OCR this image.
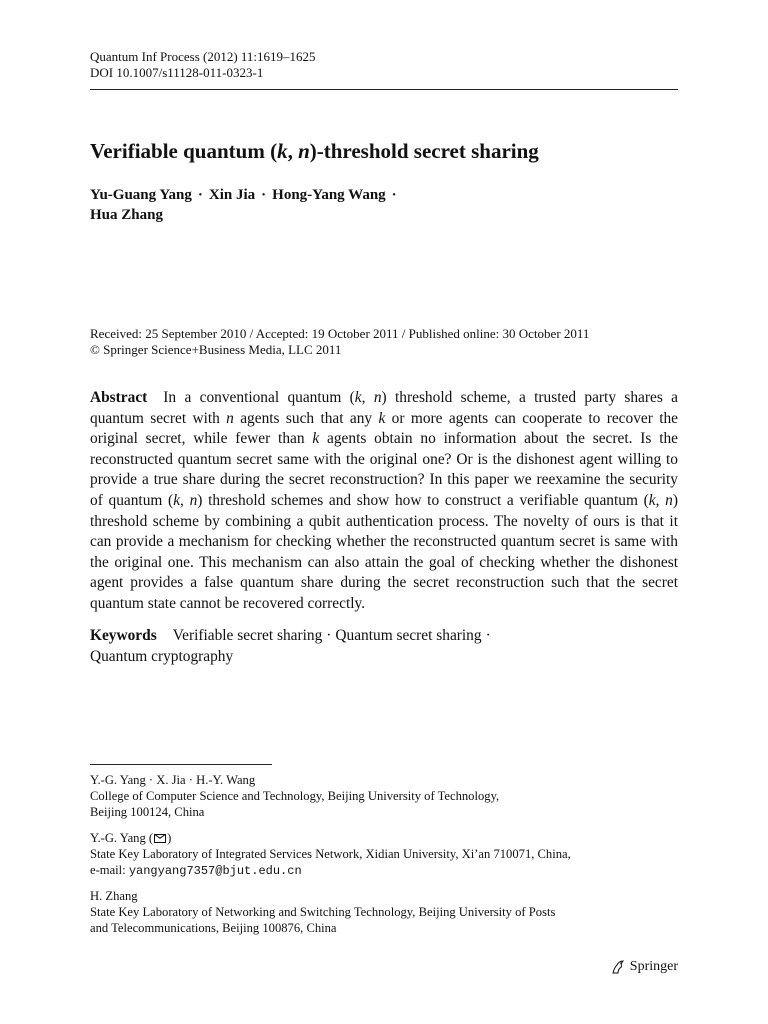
Quantum Inf Process (2012) 11:1619–1625
DOI 10.1007/s11128-011-0323-1
Verifiable quantum (k, n)-threshold secret sharing
Yu-Guang Yang · Xin Jia · Hong-Yang Wang ·
Hua Zhang
Received: 25 September 2010 / Accepted: 19 October 2011 / Published online: 30 October 2011
© Springer Science+Business Media, LLC 2011
Abstract In a conventional quantum (k, n) threshold scheme, a trusted party shares a quantum secret with n agents such that any k or more agents can cooperate to recover the original secret, while fewer than k agents obtain no information about the secret. Is the reconstructed quantum secret same with the original one? Or is the dishonest agent willing to provide a true share during the secret reconstruction? In this paper we reexamine the security of quantum (k, n) threshold schemes and show how to construct a verifiable quantum (k, n) threshold scheme by combining a qubit authentication process. The novelty of ours is that it can provide a mechanism for checking whether the reconstructed quantum secret is same with the original one. This mechanism can also attain the goal of checking whether the dishonest agent provides a false quantum share during the secret reconstruction such that the secret quantum state cannot be recovered correctly.
Keywords Verifiable secret sharing · Quantum secret sharing ·
Quantum cryptography
Y.-G. Yang · X. Jia · H.-Y. Wang
College of Computer Science and Technology, Beijing University of Technology,
Beijing 100124, China
Y.-G. Yang ( )
State Key Laboratory of Integrated Services Network, Xidian University, Xi’an 710071, China,
e-mail: yangyang7357@bjut.edu.cn
H. Zhang
State Key Laboratory of Networking and Switching Technology, Beijing University of Posts
and Telecommunications, Beijing 100876, China
Springer
